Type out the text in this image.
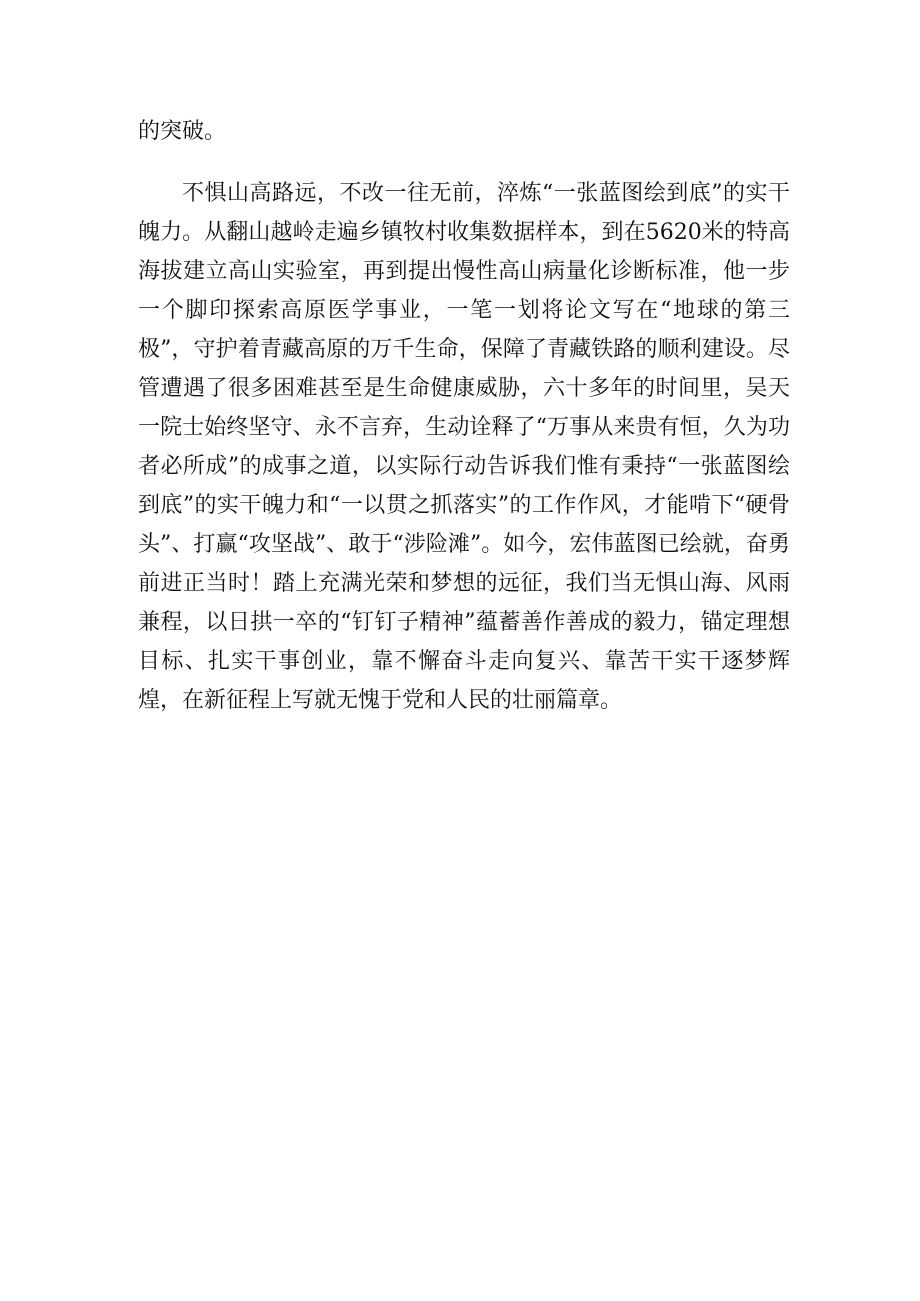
的突破。

不惧山高路远，不改一往无前，淬炼“一张蓝图绘到底”的实干魄力。从翻山越岭走遍乡镇牧村收集数据样本，到在5620米的特高海拔建立高山实验室，再到提出慢性高山病量化诊断标准，他一步一个脚印探索高原医学事业，一笔一划将论文写在“地球的第三极”，守护着青藏高原的万千生命，保障了青藏铁路的顺利建设。尽管遭遇了很多困难甚至是生命健康威胁，六十多年的时间里，吴天一院士始终坚守、永不言弃，生动诠释了“万事从来贵有恒，久为功者必所成”的成事之道，以实际行动告诉我们惟有秉持“一张蓝图绘到底”的实干魄力和“一以贯之抓落实”的工作作风，才能啃下“硬骨头”、打赢“攻坚战”、敢于“涉险滩”。如今，宏伟蓝图已绘就，奋勇前进正当时！踏上充满光荣和梦想的远征，我们当无惧山海、风雨兼程，以日拱一卒的“钉钉子精神”蕴蓄善作善成的毅力，锚定理想目标、扎实干事创业，靠不懈奋斗走向复兴、靠苦干实干逐梦辉煌，在新征程上写就无愧于党和人民的壮丽篇章。
